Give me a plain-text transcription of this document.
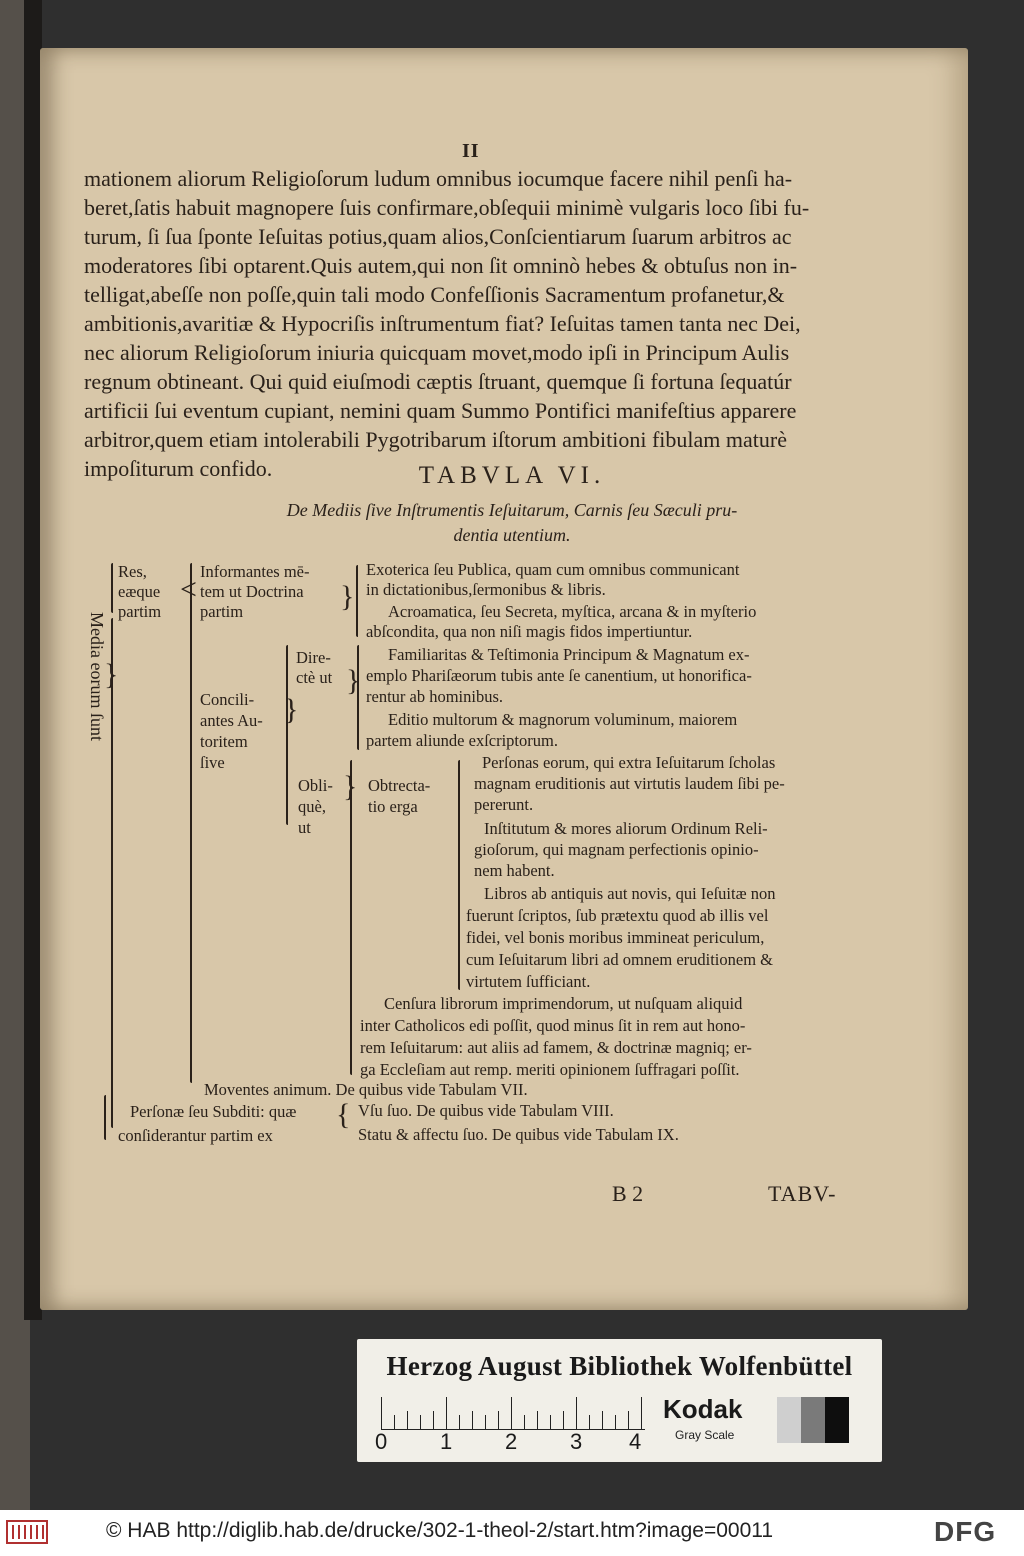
II
mationem aliorum Religioſorum ludum omnibus iocumque facere nihil penſi ha-
beret,ſatis habuit magnopere ſuis confirmare,obſequii minimè vulgaris loco ſibi fu-
turum, ſi ſua ſponte Ieſuitas potius,quam alios,Conſcientiarum ſuarum arbitros ac
moderatores ſibi optarent.Quis autem,qui non ſit omninò hebes & obtuſus non in-
telligat,abeſſe non poſſe,quin tali modo Confeſſionis Sacramentum profanetur,&
ambitionis,avaritiæ & Hypocriſis inſtrumentum fiat? Ieſuitas tamen tanta nec Dei,
nec aliorum Religioſorum iniuria quicquam movet,modo ipſi in Principum Aulis
regnum obtineant. Qui quid eiuſmodi cæptis ſtruant, quemque ſi fortuna ſequatúr
artificii ſui eventum cupiant, nemini quam Summo Pontifici manifeſtius apparere
arbitror,quem etiam intolerabili Pygotribarum iſtorum ambitioni fibulam maturè
impoſiturum confido.	TABVLA VI.
De Mediis ſive Inſtrumentis Ieſuitarum, Carnis ſeu Sæculi pru-
dentia utentium.
Media eorum ſunt
}
<	}
}
}
}
{
Res,
eæque
partim
Informantes mē-
tem ut Doctrina
partim
Exoterica ſeu Publica, quam cum omnibus communicant
in dictationibus,ſermonibus & libris.
Acroamatica, ſeu Secreta, myſtica, arcana & in myſterio
abſcondita, qua non niſi magis fidos impertiuntur.
Dire-
ctè ut
Familiaritas & Teſtimonia Principum & Magnatum ex-
emplo Phariſæorum tubis ante ſe canentium, ut honorifica-
rentur ab hominibus.
Concili-
antes Au-
toritem
ſive
Editio multorum & magnorum voluminum, maiorem
partem aliunde exſcriptorum.
Obli-
què,
ut
Obtrecta-
tio erga
Perſonas eorum, qui extra Ieſuitarum ſcholas
magnam eruditionis aut virtutis laudem ſibi pe-
pererunt.
Inſtitutum & mores aliorum Ordinum Reli-
gioſorum, qui magnam perfectionis opinio-
nem habent.
Libros ab antiquis aut novis, qui Ieſuitæ non
fuerunt ſcriptos, ſub prætextu quod ab illis vel
fidei, vel bonis moribus immineat periculum,
cum Ieſuitarum libri ad omnem eruditionem &
virtutem ſufficiant.
Cenſura librorum imprimendorum, ut nuſquam aliquid
inter Catholicos edi poſſit, quod minus ſit in rem aut hono-
rem Ieſuitarum: aut aliis ad famem, & doctrinæ magniq; er-
ga Eccleſiam aut remp. meriti opinionem ſuffragari poſſit.
Moventes animum. De quibus vide Tabulam VII.
Perſonæ ſeu Subditi: quæ
conſiderantur partim ex
Vſu ſuo. De quibus vide Tabulam VIII.
Statu & affectu ſuo. De quibus vide Tabulam IX.
B 2	TABV-
Herzog August Bibliothek Wolfenbüttel
0 1 2 3 4
Kodak
Gray Scale
© HAB http://diglib.hab.de/drucke/302-1-theol-2/start.htm?image=00011	DFG
